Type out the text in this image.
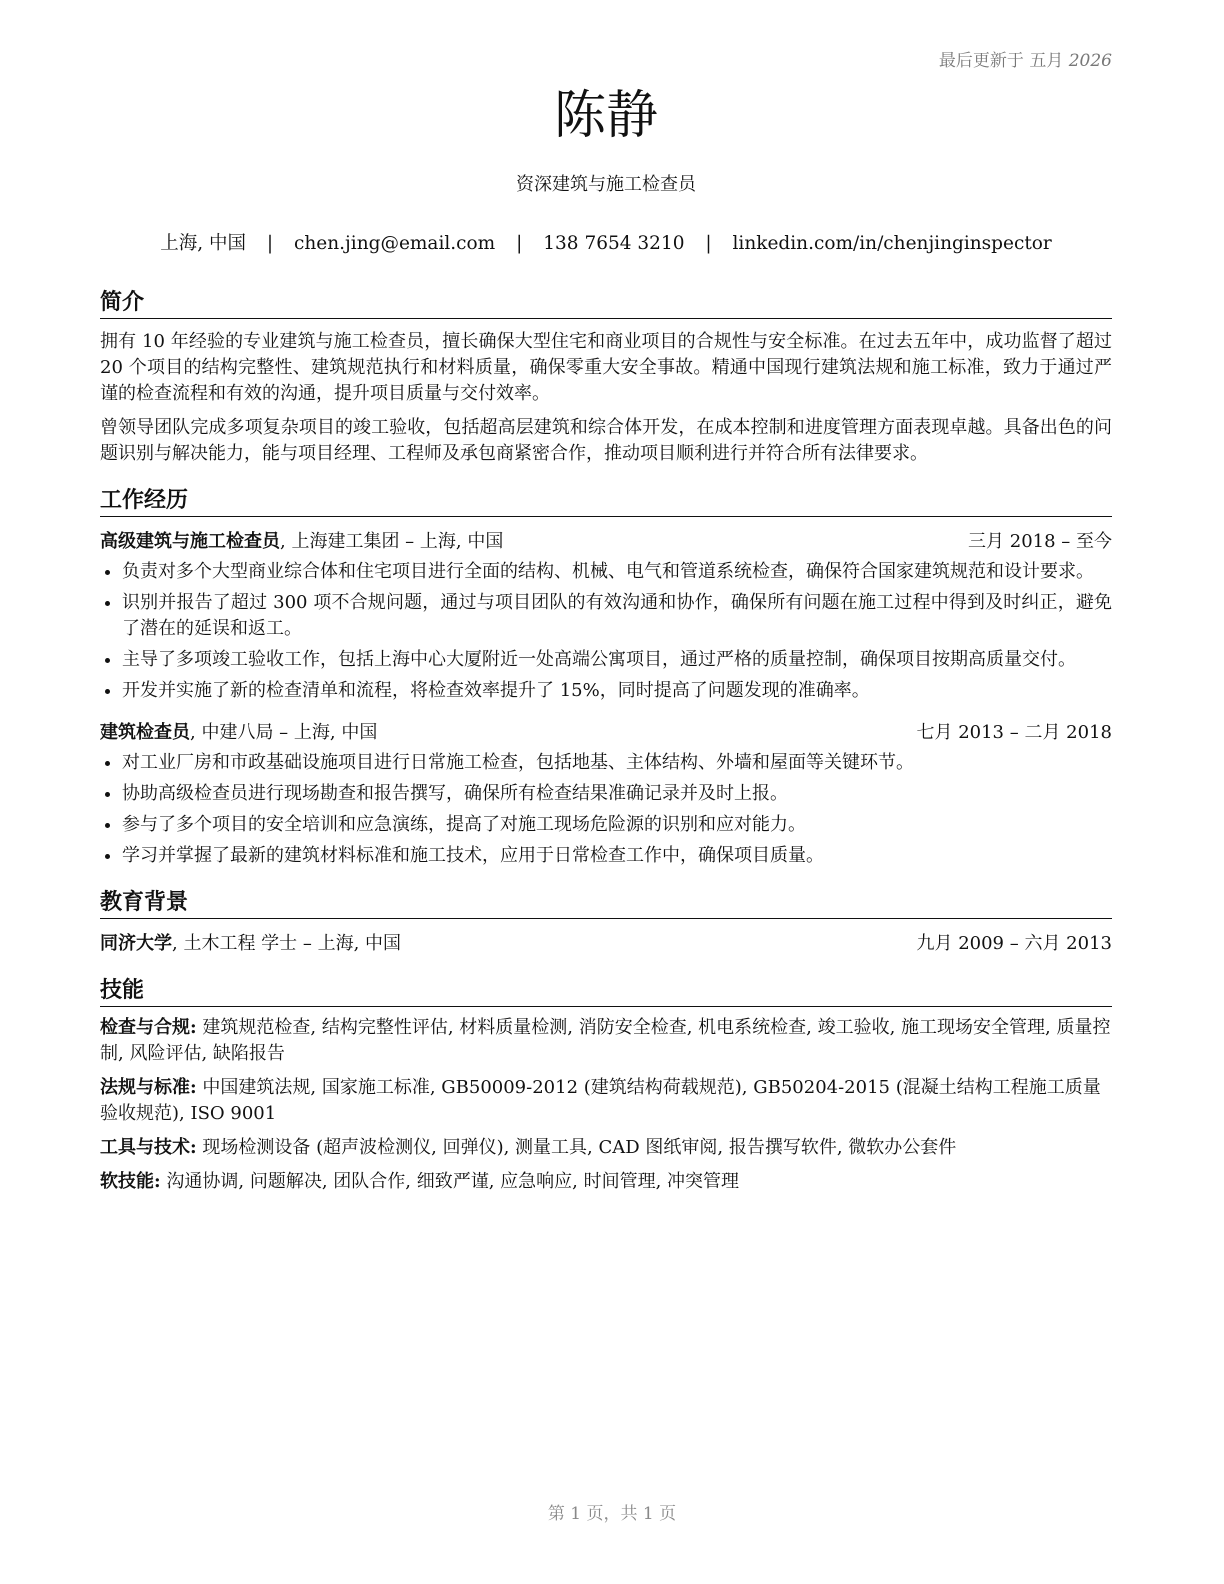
最后更新于 五月 2026
陈静
资深建筑与施工检查员
上海, 中国 | chen.jing@email.com | 138 7654 3210 | linkedin.com/in/chenjinginspector
简介

拥有 10 年经验的专业建筑与施工检查员，擅长确保大型住宅和商业项目的合规性与安全标准。在过去五年中，成功监督了超过 20 个项目的结构完整性、建筑规范执行和材料质量，确保零重大安全事故。精通中国现行建筑法规和施工标准，致力于通过严谨的检查流程和有效的沟通，提升项目质量与交付效率。

曾领导团队完成多项复杂项目的竣工验收，包括超高层建筑和综合体开发，在成本控制和进度管理方面表现卓越。具备出色的问题识别与解决能力，能与项目经理、工程师及承包商紧密合作，推动项目顺利进行并符合所有法律要求。

工作经历
高级建筑与施工检查员, 上海建工集团 – 上海, 中国	三月 2018 – 至今
• 负责对多个大型商业综合体和住宅项目进行全面的结构、机械、电气和管道系统检查，确保符合国家建筑规范和设计要求。
• 识别并报告了超过 300 项不合规问题，通过与项目团队的有效沟通和协作，确保所有问题在施工过程中得到及时纠正，避免了潜在的延误和返工。
• 主导了多项竣工验收工作，包括上海中心大厦附近一处高端公寓项目，通过严格的质量控制，确保项目按期高质量交付。
• 开发并实施了新的检查清单和流程，将检查效率提升了 15%，同时提高了问题发现的准确率。
建筑检查员, 中建八局 – 上海, 中国	七月 2013 – 二月 2018
• 对工业厂房和市政基础设施项目进行日常施工检查，包括地基、主体结构、外墙和屋面等关键环节。
• 协助高级检查员进行现场勘查和报告撰写，确保所有检查结果准确记录并及时上报。
• 参与了多个项目的安全培训和应急演练，提高了对施工现场危险源的识别和应对能力。
• 学习并掌握了最新的建筑材料标准和施工技术，应用于日常检查工作中，确保项目质量。
教育背景
同济大学, 土木工程 学士 – 上海, 中国	九月 2009 – 六月 2013
技能
检查与合规: 建筑规范检查, 结构完整性评估, 材料质量检测, 消防安全检查, 机电系统检查, 竣工验收, 施工现场安全管理, 质量控制, 风险评估, 缺陷报告
法规与标准: 中国建筑法规, 国家施工标准, GB50009-2012 (建筑结构荷载规范), GB50204-2015 (混凝土结构工程施工质量验收规范), ISO 9001
工具与技术: 现场检测设备 (超声波检测仪, 回弹仪), 测量工具, CAD 图纸审阅, 报告撰写软件, 微软办公套件
软技能: 沟通协调, 问题解决, 团队合作, 细致严谨, 应急响应, 时间管理, 冲突管理
第 1 页，共 1 页
